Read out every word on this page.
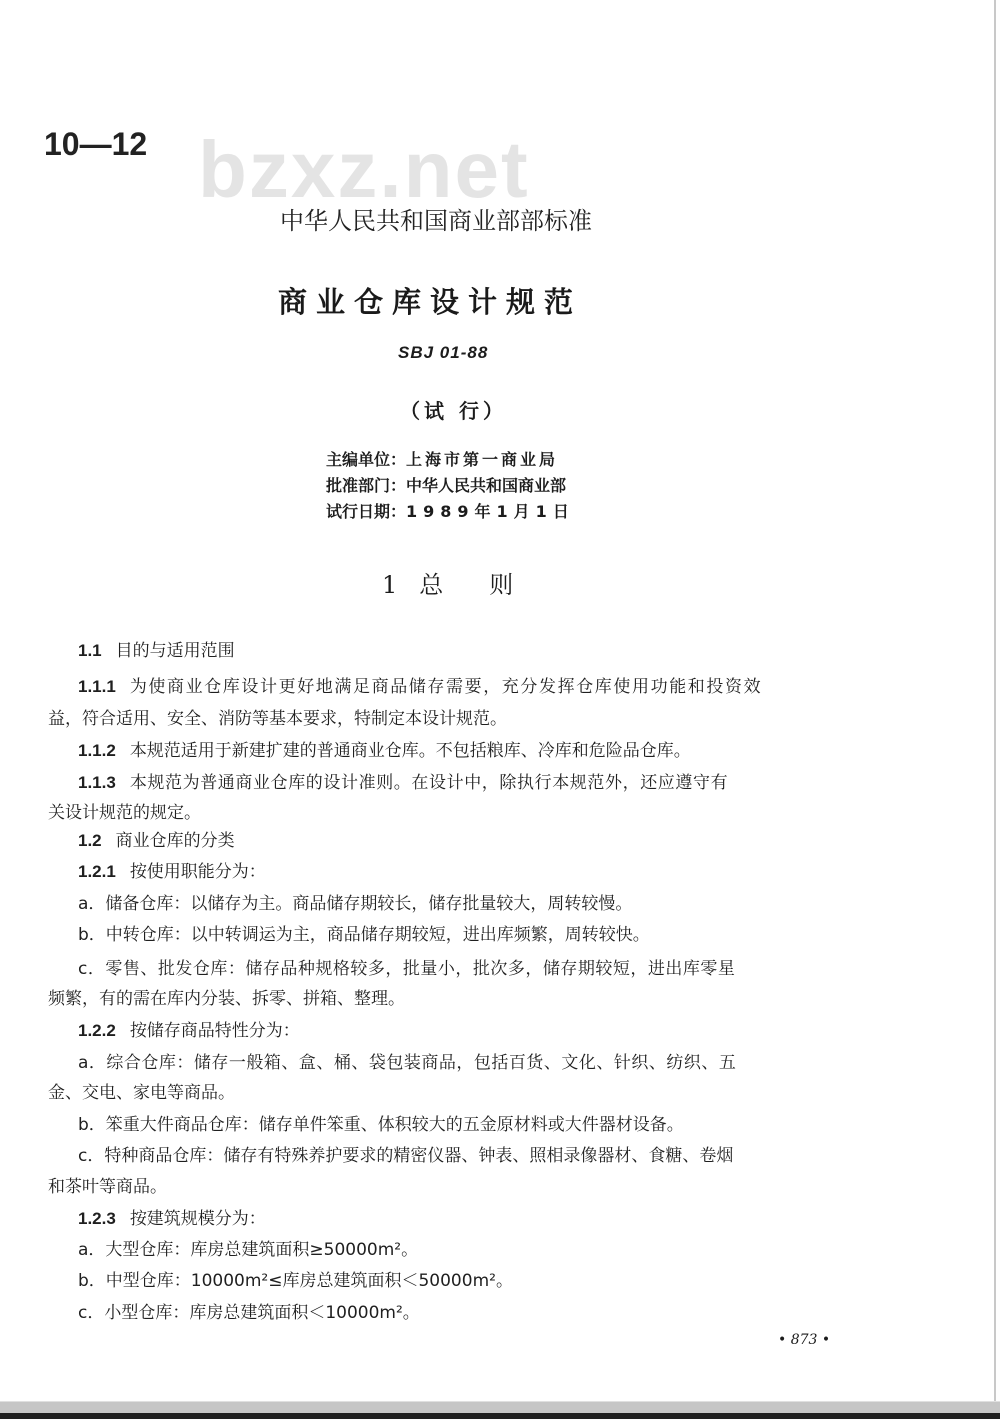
10—12 bzxz.net
中华人民共和国商业部部标准
商业仓库设计规范
SBJ 01-88
（试 行）
主编单位：上海市第一商业局
批准部门：中华人民共和国商业部
试行日期：1989年1月1日
1 总 则
1.1 目的与适用范围
1.1.1 为使商业仓库设计更好地满足商品储存需要，充分发挥仓库使用功能和投资效
益，符合适用、安全、消防等基本要求，特制定本设计规范。
1.1.2 本规范适用于新建扩建的普通商业仓库。不包括粮库、冷库和危险品仓库。
1.1.3 本规范为普通商业仓库的设计准则。在设计中，除执行本规范外，还应遵守有
关设计规范的规定。
1.2 商业仓库的分类
1.2.1 按使用职能分为：
a．储备仓库：以储存为主。商品储存期较长，储存批量较大，周转较慢。
b．中转仓库：以中转调运为主，商品储存期较短，进出库频繁，周转较快。
c．零售、批发仓库：储存品种规格较多，批量小，批次多，储存期较短，进出库零星
频繁，有的需在库内分装、拆零、拼箱、整理。
1.2.2 按储存商品特性分为：
a．综合仓库：储存一般箱、盒、桶、袋包装商品，包括百货、文化、针织、纺织、五
金、交电、家电等商品。
b．笨重大件商品仓库：储存单件笨重、体积较大的五金原材料或大件器材设备。
c．特种商品仓库：储存有特殊养护要求的精密仪器、钟表、照相录像器材、食糖、卷烟
和茶叶等商品。
1.2.3 按建筑规模分为：
a．大型仓库：库房总建筑面积≥50000m²。
b．中型仓库：10000m²≤库房总建筑面积＜50000m²。
c．小型仓库：库房总建筑面积＜10000m²。
• 873 •
